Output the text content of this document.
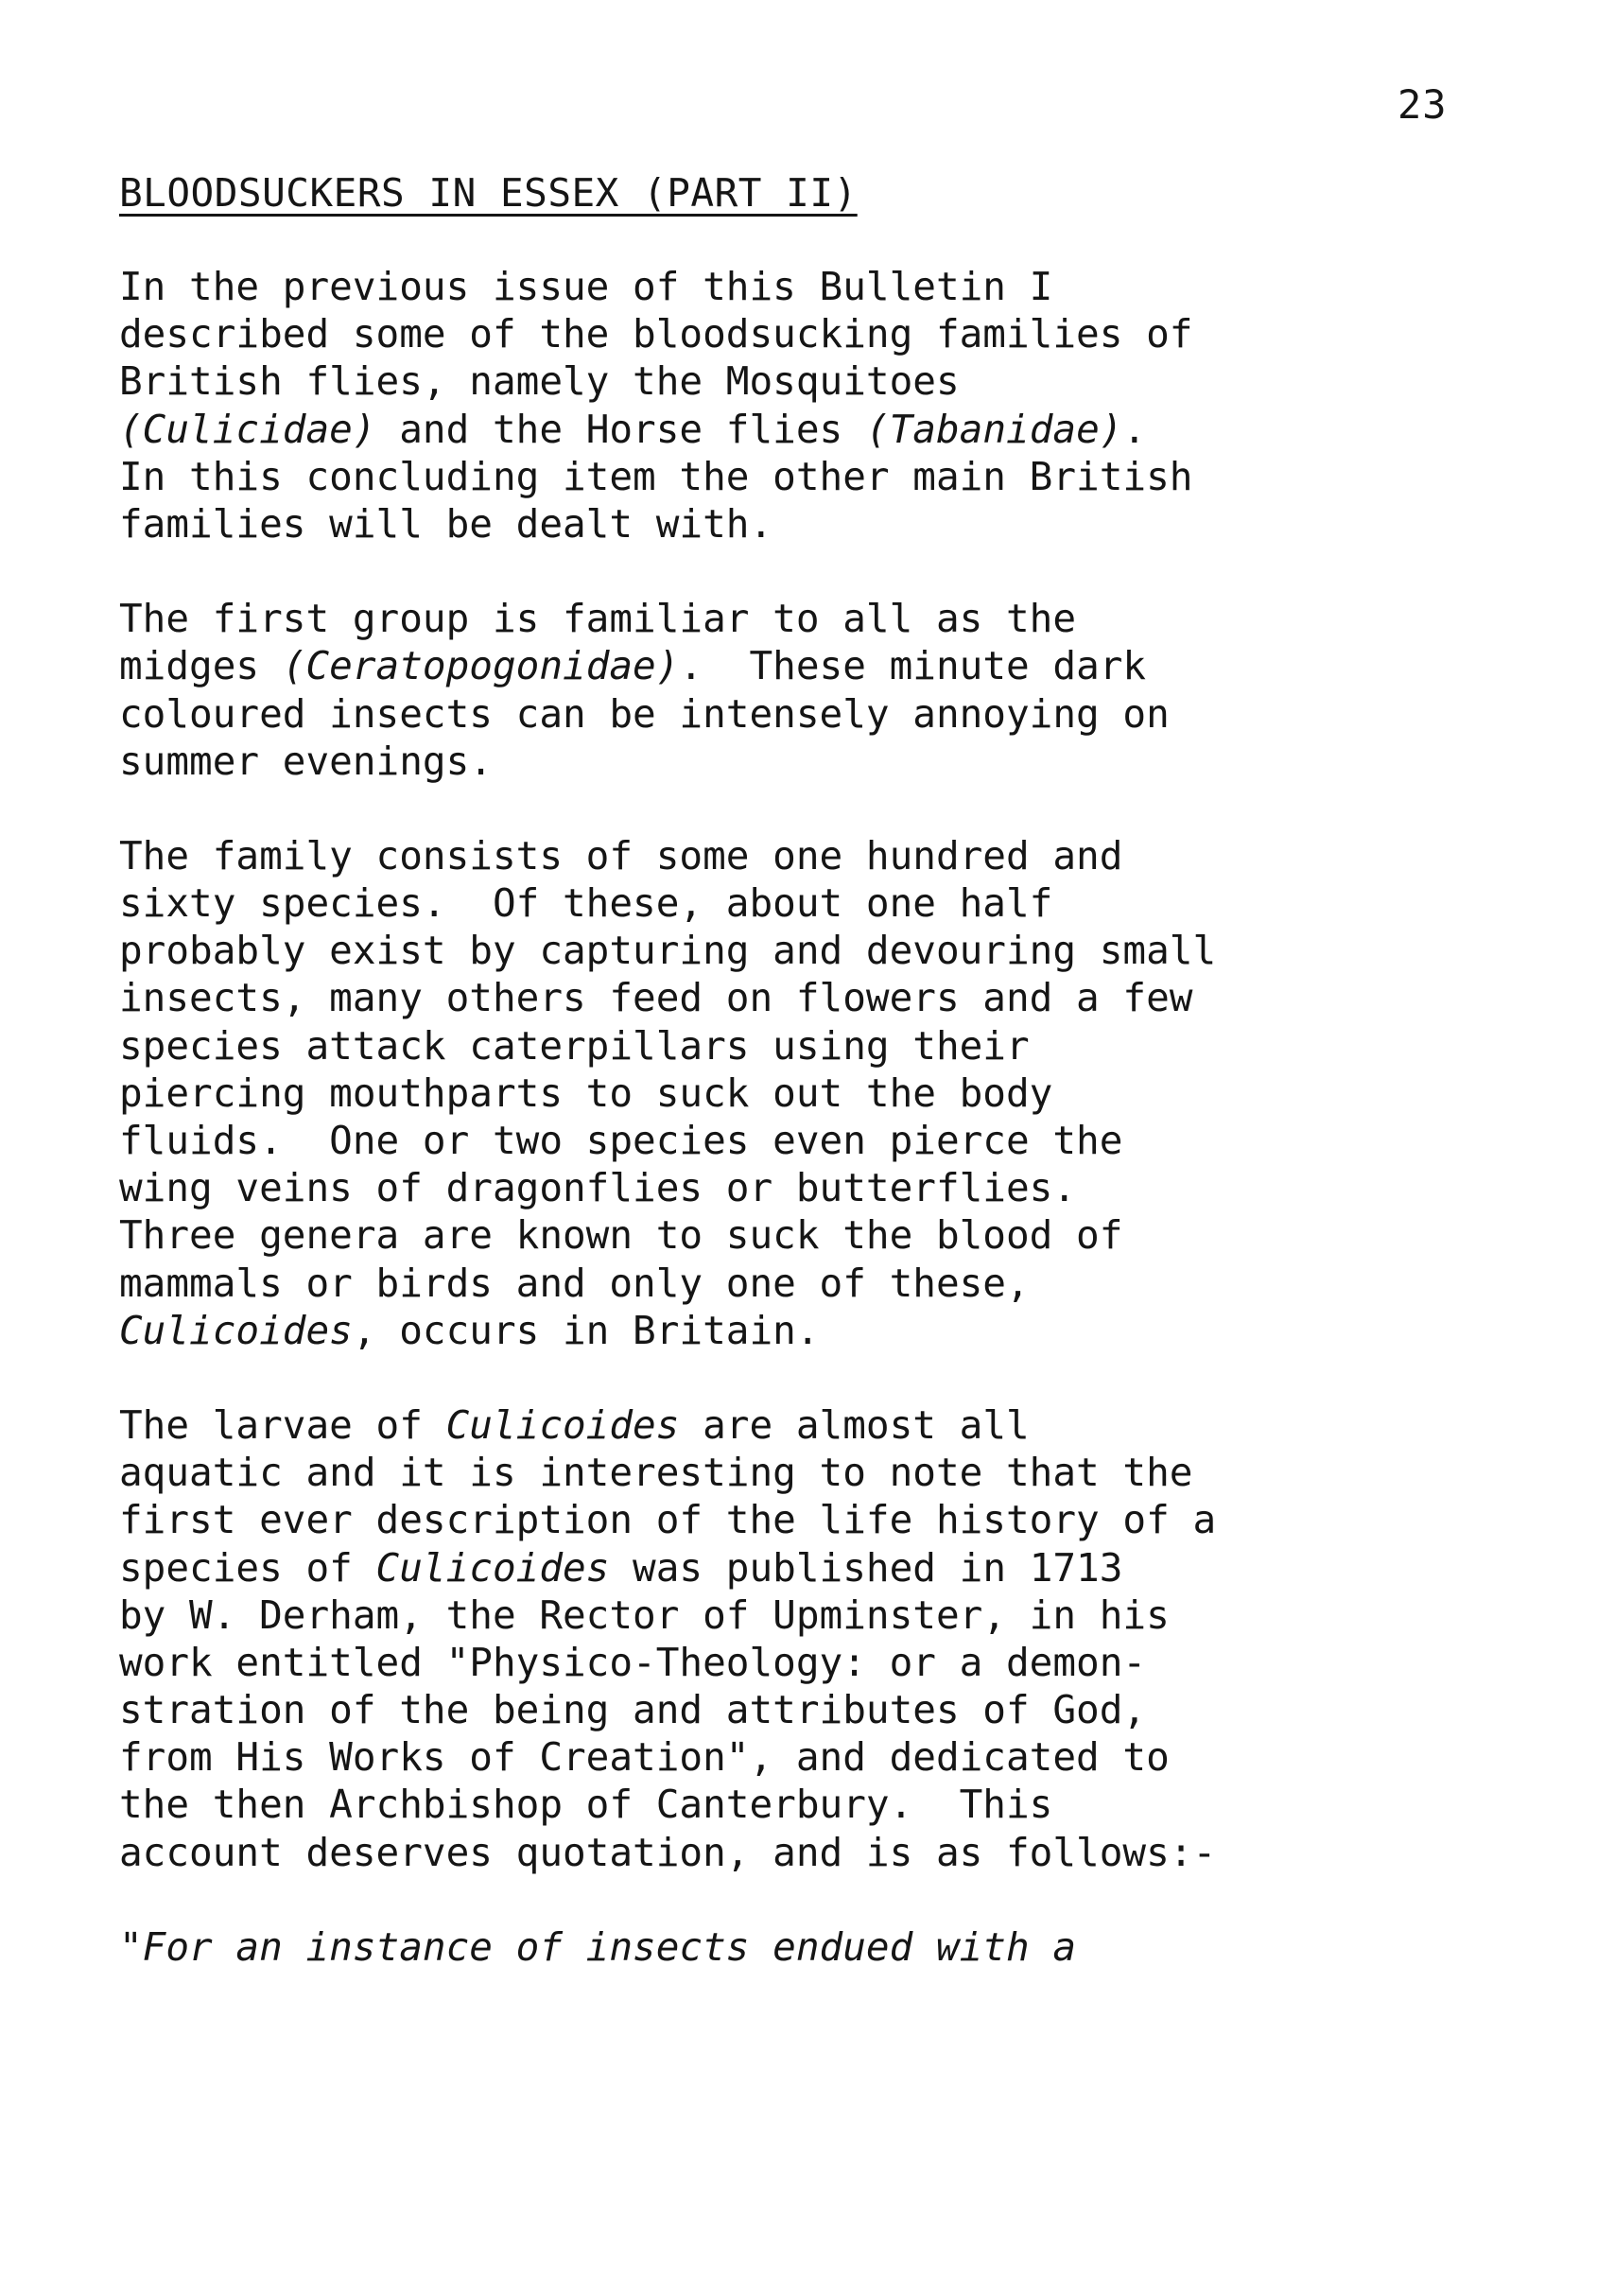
23
BLOODSUCKERS IN ESSEX (PART II)
In the previous issue of this Bulletin I
described some of the bloodsucking families of
British flies, namely the Mosquitoes
(Culicidae) and the Horse flies (Tabanidae).
In this concluding item the other main British
families will be dealt with.
The first group is familiar to all as the
midges (Ceratopogonidae).  These minute dark
coloured insects can be intensely annoying on
summer evenings.
The family consists of some one hundred and
sixty species.  Of these, about one half
probably exist by capturing and devouring small
insects, many others feed on flowers and a few
species attack caterpillars using their
piercing mouthparts to suck out the body
fluids.  One or two species even pierce the
wing veins of dragonflies or butterflies.
Three genera are known to suck the blood of
mammals or birds and only one of these,
Culicoides, occurs in Britain.
The larvae of Culicoides are almost all
aquatic and it is interesting to note that the
first ever description of the life history of a
species of Culicoides was published in 1713
by W. Derham, the Rector of Upminster, in his
work entitled "Physico-Theology: or a demon-
stration of the being and attributes of God,
from His Works of Creation", and dedicated to
the then Archbishop of Canterbury.  This
account deserves quotation, and is as follows:-
"For an instance of insects endued with a
